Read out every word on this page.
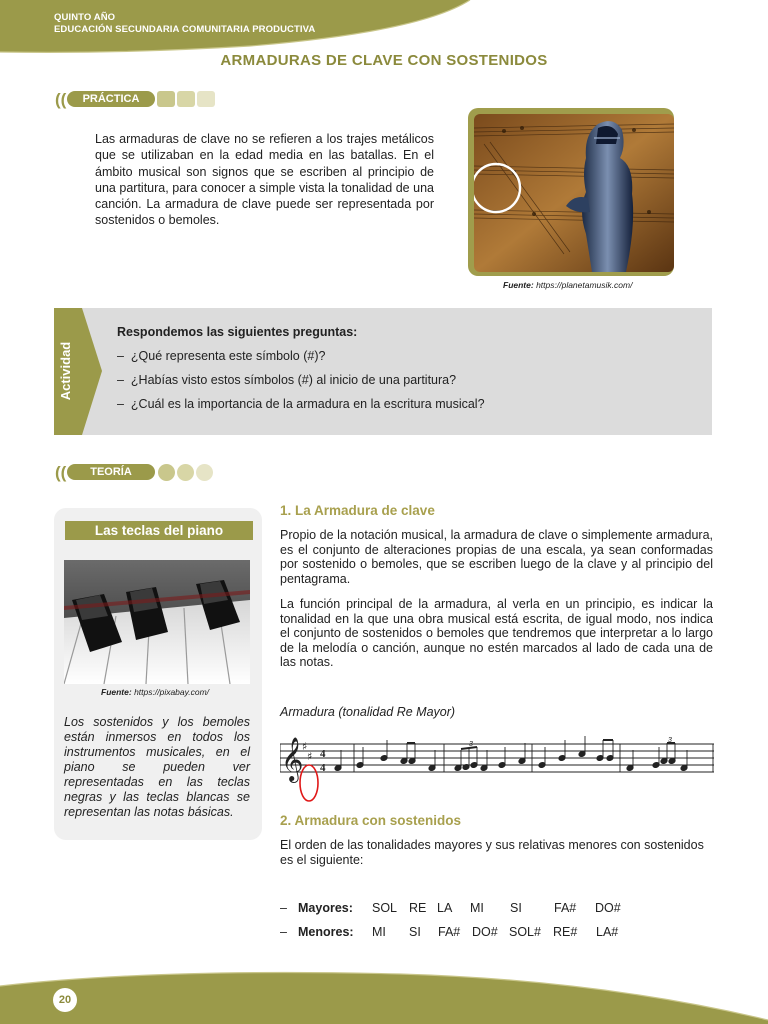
QUINTO AÑO
EDUCACIÓN SECUNDARIA COMUNITARIA PRODUCTIVA
ARMADURAS DE CLAVE CON SOSTENIDOS
((	PRÁCTICA
Las armaduras de clave no se refieren a los trajes metálicos que se utilizaban en la edad media en las batallas. En el ámbito musical son signos que se escriben al principio de una partitura, para conocer a simple vista la tonalidad de una canción. La armadura de clave puede ser representada por sostenidos o bemoles.
Fuente: https://planetamusik.com/
Actividad
Respondemos las siguientes preguntas:
– ¿Qué representa este símbolo (#)?
– ¿Habías visto estos símbolos (#) al inicio de una partitura?
– ¿Cuál es la importancia de la armadura en la escritura musical?
((	TEORÍA
Las teclas del piano
Fuente: https://pixabay.com/
Los sostenidos y los bemoles están inmersos en todos los instrumentos musicales, en el piano se pueden ver representadas en las teclas negras y las teclas blancas se representan las notas básicas.
1. La Armadura de clave
Propio de la notación musical, la armadura de clave o simplemente armadura, es el conjunto de alteraciones propias de una escala, ya sean conformadas por sostenido o bemoles, que se escriben luego de la clave y al principio del pentagrama.
La función principal de la armadura, al verla en un principio, es indicar la tonalidad en la que una obra musical está escrita, de igual modo, nos indica el conjunto de sostenidos o bemoles que tendremos que interpretar a lo largo de la melodía o canción, aunque no estén marcados al lado de cada una de las notas.
Armadura (tonalidad Re Mayor)
𝄞
♯
♯ 4
4
3
3
2. Armadura con sostenidos
El orden de las tonalidades mayores y sus relativas menores con sostenidos es el siguiente:
– Mayores: SOL RE LA MI SI	FA# DO#
– Menores: MI SI FA# DO# SOL# RE# LA#
20
